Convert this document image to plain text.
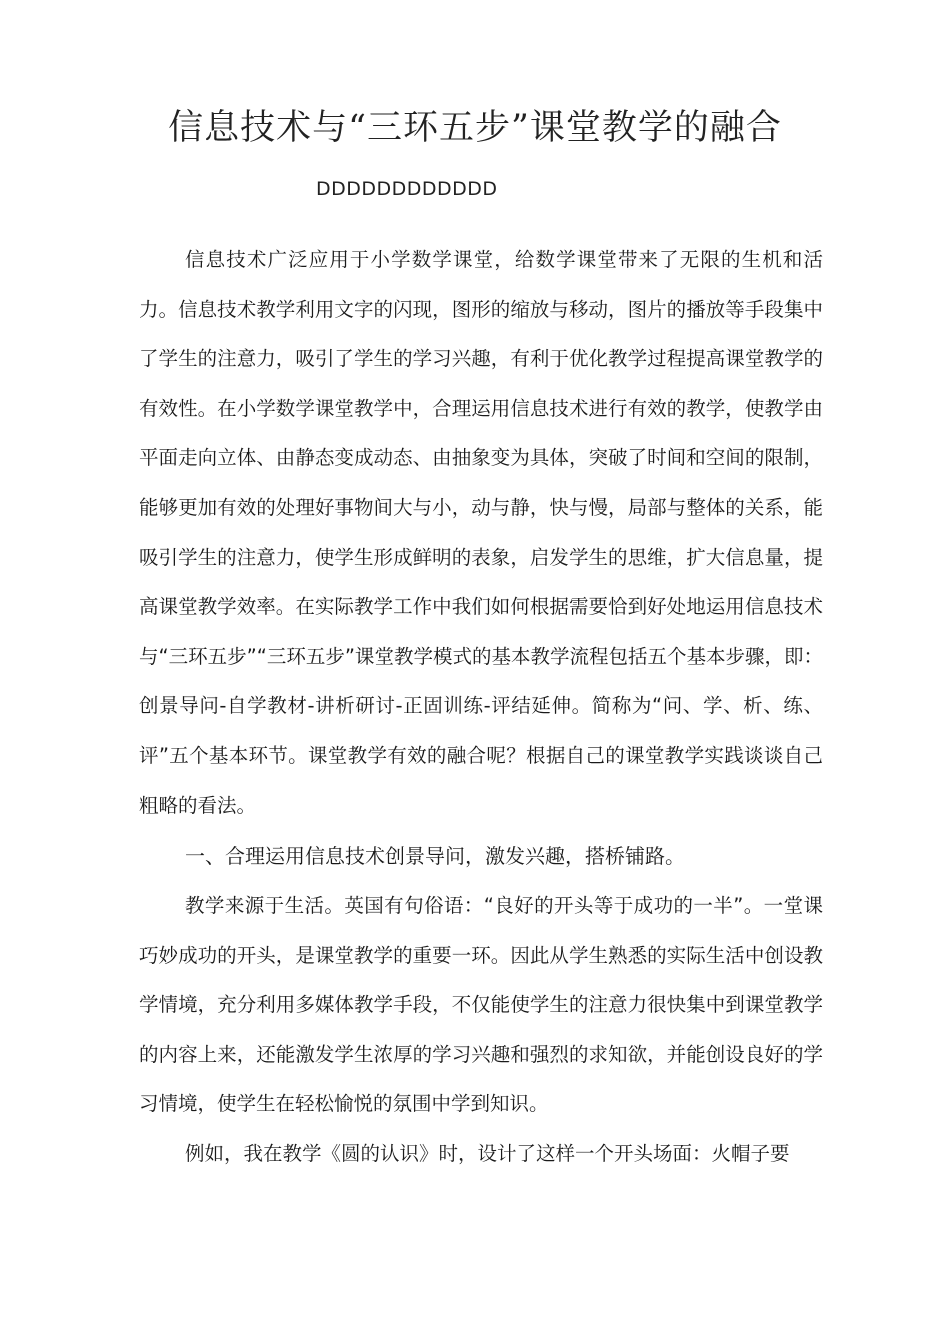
信息技术与“三环五步”课堂教学的融合
DDDDDDDDDDDD

信息技术广泛应用于小学数学课堂，给数学课堂带来了无限的生机和活力。信息技术教学利用文字的闪现，图形的缩放与移动，图片的播放等手段集中了学生的注意力，吸引了学生的学习兴趣，有利于优化教学过程提高课堂教学的有效性。在小学数学课堂教学中，合理运用信息技术进行有效的教学，使教学由平面走向立体、由静态变成动态、由抽象变为具体，突破了时间和空间的限制，能够更加有效的处理好事物间大与小，动与静，快与慢，局部与整体的关系，能吸引学生的注意力，使学生形成鲜明的表象，启发学生的思维，扩大信息量，提高课堂教学效率。在实际教学工作中我们如何根据需要恰到好处地运用信息技术与“三环五步”“三环五步”课堂教学模式的基本教学流程包括五个基本步骤，即：创景导问-自学教材-讲析研讨-正固训练-评结延伸。简称为“问、学、析、练、评”五个基本环节。课堂教学有效的融合呢？根据自己的课堂教学实践谈谈自己粗略的看法。

一、合理运用信息技术创景导问，激发兴趣，搭桥铺路。

教学来源于生活。英国有句俗语：“良好的开头等于成功的一半”。一堂课巧妙成功的开头，是课堂教学的重要一环。因此从学生熟悉的实际生活中创设教学情境，充分利用多媒体教学手段，不仅能使学生的注意力很快集中到课堂教学的内容上来，还能激发学生浓厚的学习兴趣和强烈的求知欲，并能创设良好的学习情境，使学生在轻松愉悦的氛围中学到知识。

例如，我在教学《圆的认识》时，设计了这样一个开头场面：火帽子要
